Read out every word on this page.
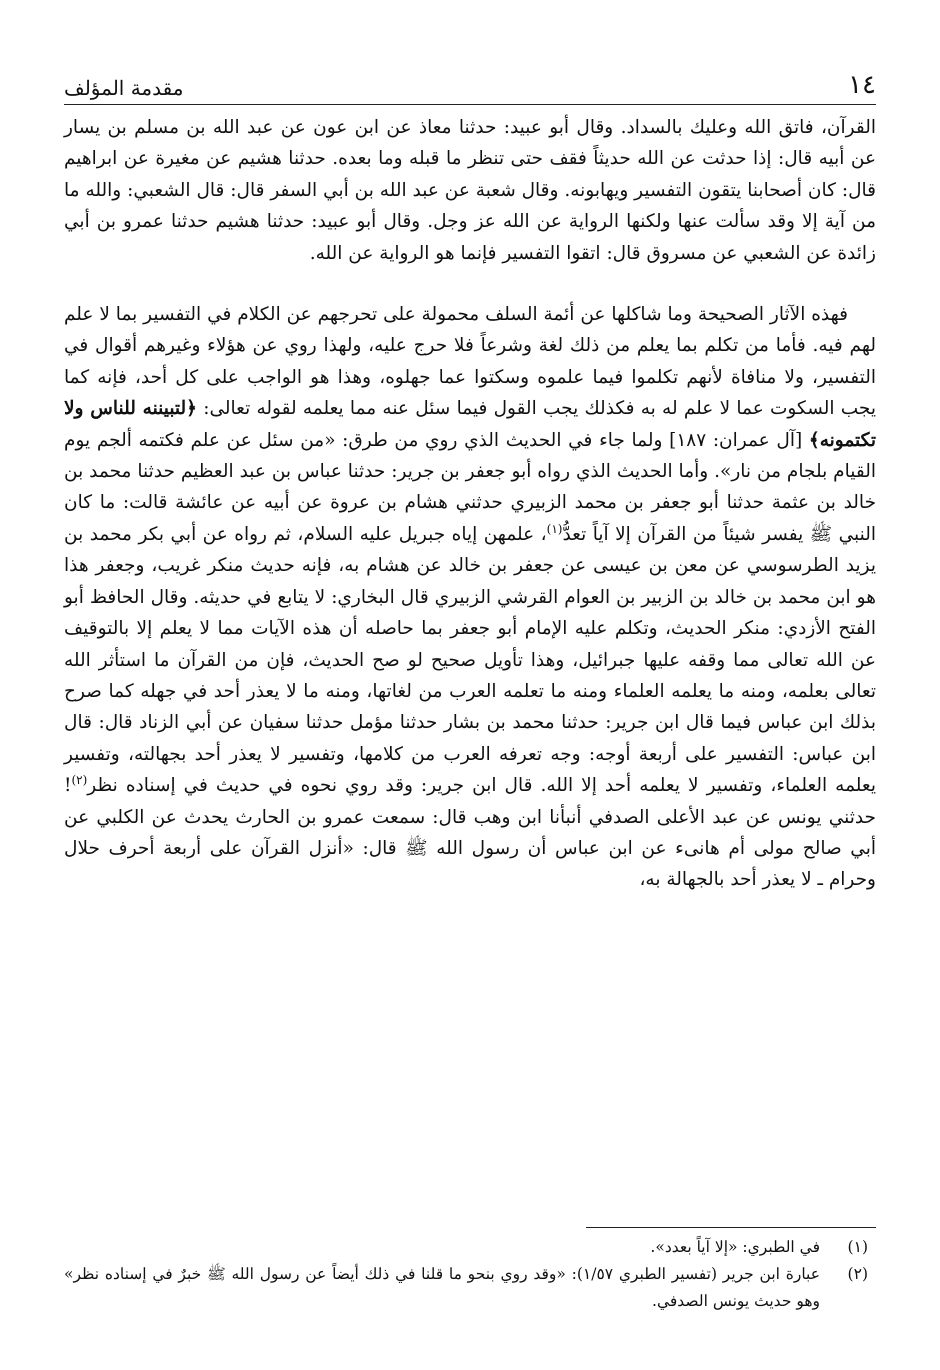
١٤
مقدمة المؤلف

القرآن، فاتق الله وعليك بالسداد. وقال أبو عبيد: حدثنا معاذ عن ابن عون عن عبد الله بن مسلم بن يسار عن أبيه قال: إذا حدثت عن الله حديثاً فقف حتى تنظر ما قبله وما بعده. حدثنا هشيم عن مغيرة عن ابراهيم قال: كان أصحابنا يتقون التفسير ويهابونه. وقال شعبة عن عبد الله بن أبي السفر قال: قال الشعبي: والله ما من آية إلا وقد سألت عنها ولكنها الرواية عن الله عز وجل. وقال أبو عبيد: حدثنا هشيم حدثنا عمرو بن أبي زائدة عن الشعبي عن مسروق قال: اتقوا التفسير فإنما هو الرواية عن الله.

فهذه الآثار الصحيحة وما شاكلها عن أئمة السلف محمولة على تحرجهم عن الكلام في التفسير بما لا علم لهم فيه. فأما من تكلم بما يعلم من ذلك لغة وشرعاً فلا حرج عليه، ولهذا روي عن هؤلاء وغيرهم أقوال في التفسير، ولا منافاة لأنهم تكلموا فيما علموه وسكتوا عما جهلوه، وهذا هو الواجب على كل أحد، فإنه كما يجب السكوت عما لا علم له به فكذلك يجب القول فيما سئل عنه مما يعلمه لقوله تعالى: ﴿لتبيننه للناس ولا تكتمونه﴾ [آل عمران: ١٨٧] ولما جاء في الحديث الذي روي من طرق: «من سئل عن علم فكتمه ألجم يوم القيام بلجام من نار». وأما الحديث الذي رواه أبو جعفر بن جرير: حدثنا عباس بن عبد العظيم حدثنا محمد بن خالد بن عثمة حدثنا أبو جعفر بن محمد الزبيري حدثني هشام بن عروة عن أبيه عن عائشة قالت: ما كان النبي ﷺ يفسر شيئاً من القرآن إلا آياً تعدُّ$^{(١)}$، علمهن إياه جبريل عليه السلام، ثم رواه عن أبي بكر محمد بن يزيد الطرسوسي عن معن بن عيسى عن جعفر بن خالد عن هشام به، فإنه حديث منكر غريب، وجعفر هذا هو ابن محمد بن خالد بن الزبير بن العوام القرشي الزبيري قال البخاري: لا يتابع في حديثه. وقال الحافظ أبو الفتح الأزدي: منكر الحديث، وتكلم عليه الإمام أبو جعفر بما حاصله أن هذه الآيات مما لا يعلم إلا بالتوقيف عن الله تعالى مما وقفه عليها جبرائيل، وهذا تأويل صحيح لو صح الحديث، فإن من القرآن ما استأثر الله تعالى بعلمه، ومنه ما يعلمه العلماء ومنه ما تعلمه العرب من لغاتها، ومنه ما لا يعذر أحد في جهله كما صرح بذلك ابن عباس فيما قال ابن جرير: حدثنا محمد بن بشار حدثنا مؤمل حدثنا سفيان عن أبي الزناد قال: قال ابن عباس: التفسير على أربعة أوجه: وجه تعرفه العرب من كلامها، وتفسير لا يعذر أحد بجهالته، وتفسير يعلمه العلماء، وتفسير لا يعلمه أحد إلا الله. قال ابن جرير: وقد روي نحوه في حديث في إسناده نظر$^{(٢)}$! حدثني يونس عن عبد الأعلى الصدفي أنبأنا ابن وهب قال: سمعت عمرو بن الحارث يحدث عن الكلبي عن أبي صالح مولى أم هانىء عن ابن عباس أن رسول الله ﷺ قال: «أنزل القرآن على أربعة أحرف حلال وحرام ـ لا يعذر أحد بالجهالة به،

(١)
في الطبري: «إلا آياً بعدد».
(٢)
عبارة ابن جرير (تفسير الطبري ١/٥٧): «وقد روي بنحو ما قلنا في ذلك أيضاً عن رسول الله ﷺ خبرٌ في إسناده نظر» وهو حديث يونس الصدفي.
